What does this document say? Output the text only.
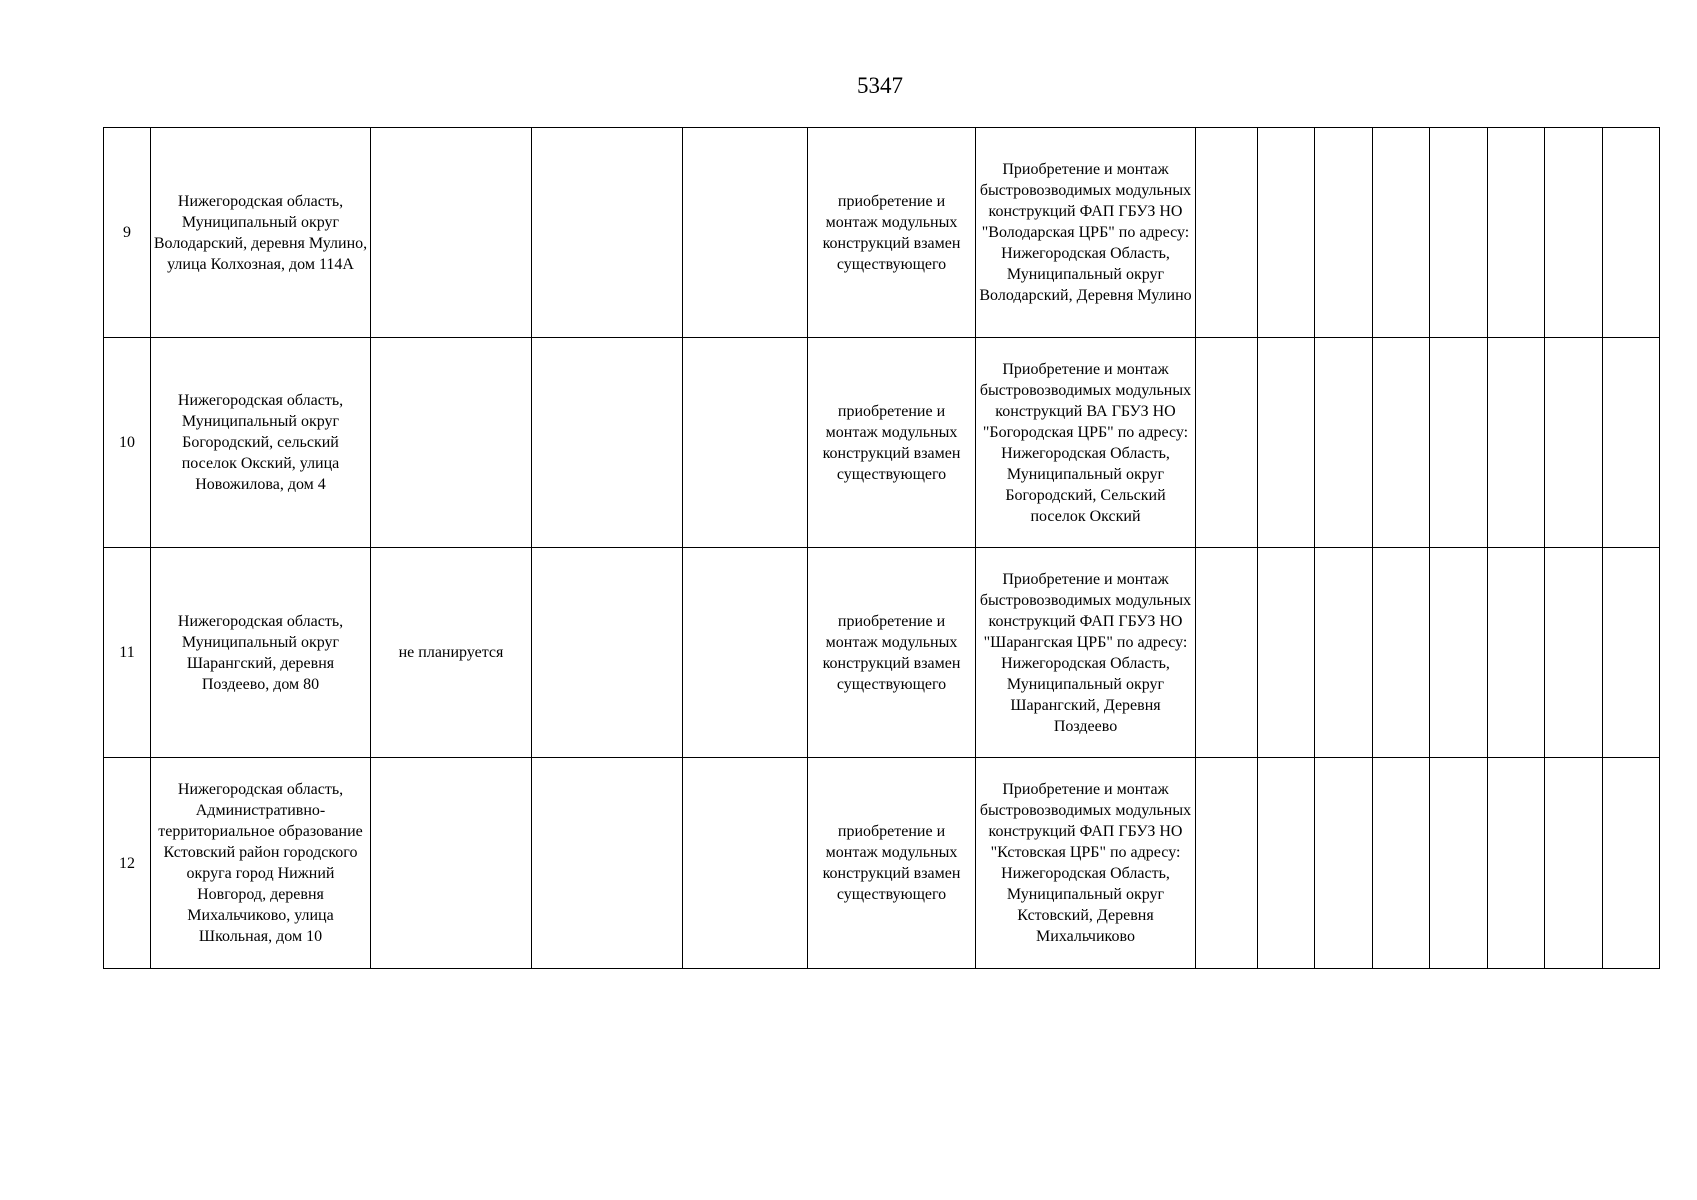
5347
9	Нижегородская область, Муниципальный округ Володарский, деревня Мулино, улица Колхозная, дом 114А				приобретение и монтаж модульных конструкций взамен существующего	Приобретение и монтаж быстровозводимых модульных конструкций ФАП ГБУЗ НО "Володарская ЦРБ" по адресу: Нижегородская Область, Муниципальный округ Володарский, Деревня Мулино								
10	Нижегородская область, Муниципальный округ Богородский, сельский поселок Окский, улица Новожилова, дом 4				приобретение и монтаж модульных конструкций взамен существующего	Приобретение и монтаж быстровозводимых модульных конструкций ВА ГБУЗ НО "Богородская ЦРБ" по адресу: Нижегородская Область, Муниципальный округ Богородский, Сельский поселок Окский								
11	Нижегородская область, Муниципальный округ Шарангский, деревня Поздеево, дом 80	не планируется			приобретение и монтаж модульных конструкций взамен существующего	Приобретение и монтаж быстровозводимых модульных конструкций ФАП ГБУЗ НО "Шарангская ЦРБ" по адресу: Нижегородская Область, Муниципальный округ Шарангский, Деревня Поздеево								
12	Нижегородская область, Административно-территориальное образование Кстовский район городского округа город Нижний Новгород, деревня Михальчиково, улица Школьная, дом 10				приобретение и монтаж модульных конструкций взамен существующего	Приобретение и монтаж быстровозводимых модульных конструкций ФАП ГБУЗ НО "Кстовская ЦРБ" по адресу: Нижегородская Область, Муниципальный округ Кстовский, Деревня Михальчиково								
